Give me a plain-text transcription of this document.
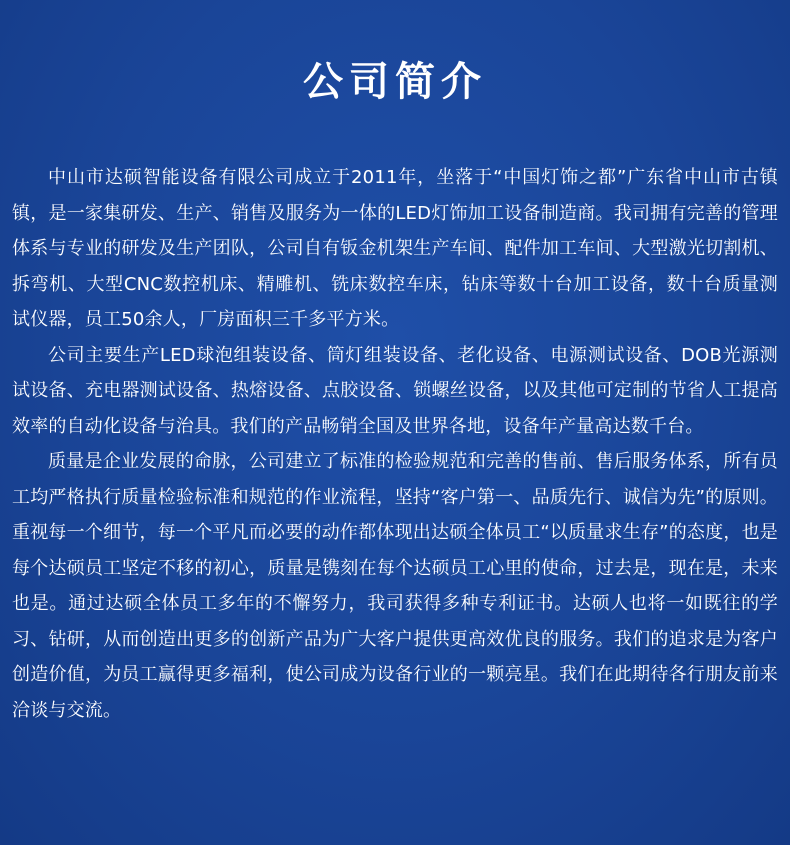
公司简介

中山市达硕智能设备有限公司成立于2011年，坐落于“中国灯饰之都”广东省中山市古镇镇，是一家集研发、生产、销售及服务为一体的LED灯饰加工设备制造商。我司拥有完善的管理体系与专业的研发及生产团队，公司自有钣金机架生产车间、配件加工车间、大型激光切割机、拆弯机、大型CNC数控机床、精雕机、铣床数控车床，钻床等数十台加工设备，数十台质量测试仪器，员工50余人，厂房面积三千多平方米。

公司主要生产LED球泡组装设备、筒灯组装设备、老化设备、电源测试设备、DOB光源测试设备、充电器测试设备、热熔设备、点胶设备、锁螺丝设备，以及其他可定制的节省人工提高效率的自动化设备与治具。我们的产品畅销全国及世界各地，设备年产量高达数千台。

质量是企业发展的命脉，公司建立了标准的检验规范和完善的售前、售后服务体系，所有员工均严格执行质量检验标准和规范的作业流程，坚持“客户第一、品质先行、诚信为先”的原则。重视每一个细节，每一个平凡而必要的动作都体现出达硕全体员工“以质量求生存”的态度，也是每个达硕员工坚定不移的初心，质量是镌刻在每个达硕员工心里的使命，过去是，现在是，未来也是。通过达硕全体员工多年的不懈努力，我司获得多种专利证书。达硕人也将一如既往的学习、钻研，从而创造出更多的创新产品为广大客户提供更高效优良的服务。我们的追求是为客户创造价值，为员工赢得更多福利，使公司成为设备行业的一颗亮星。我们在此期待各行朋友前来洽谈与交流。
